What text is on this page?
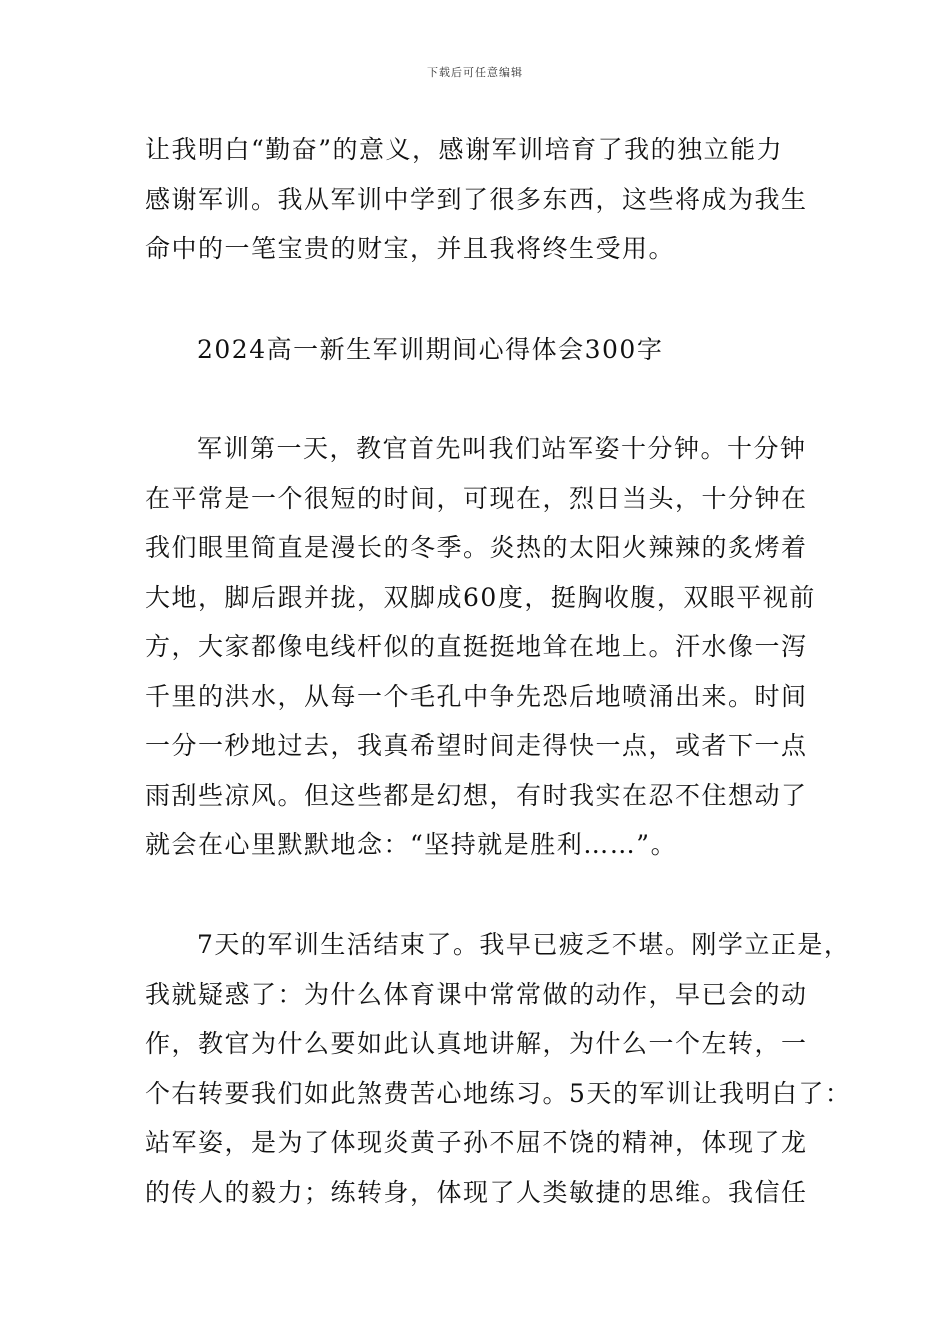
下载后可任意编辑
让我明白“勤奋”的意义，感谢军训培育了我的独立能力
感谢军训。我从军训中学到了很多东西，这些将成为我生
命中的一笔宝贵的财宝，并且我将终生受用。
2024高一新生军训期间心得体会300字
军训第一天，教官首先叫我们站军姿十分钟。十分钟
在平常是一个很短的时间，可现在，烈日当头，十分钟在
我们眼里简直是漫长的冬季。炎热的太阳火辣辣的炙烤着
大地，脚后跟并拢，双脚成60度，挺胸收腹，双眼平视前
方，大家都像电线杆似的直挺挺地耸在地上。汗水像一泻
千里的洪水，从每一个毛孔中争先恐后地喷涌出来。时间
一分一秒地过去，我真希望时间走得快一点，或者下一点
雨刮些凉风。但这些都是幻想，有时我实在忍不住想动了
就会在心里默默地念：“坚持就是胜利……”。
7天的军训生活结束了。我早已疲乏不堪。刚学立正是，
我就疑惑了：为什么体育课中常常做的动作，早已会的动
作，教官为什么要如此认真地讲解，为什么一个左转，一
个右转要我们如此煞费苦心地练习。5天的军训让我明白了：
站军姿，是为了体现炎黄子孙不屈不饶的精神，体现了龙
的传人的毅力；练转身，体现了人类敏捷的思维。我信任
